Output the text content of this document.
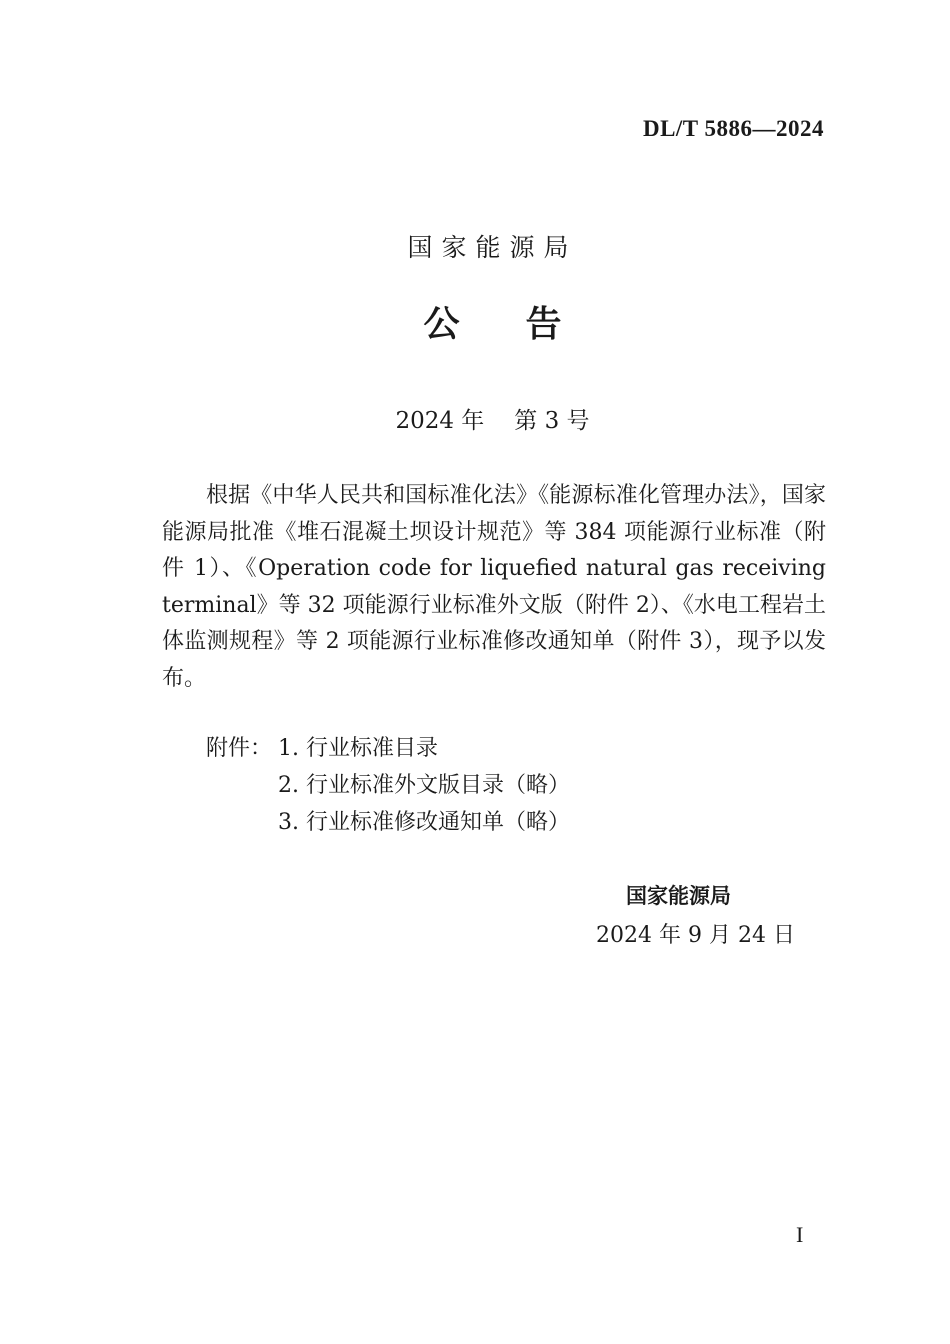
DL/T 5886—2024
国家能源局
公 告
2024 年 第 3 号

根据《中华人民共和国标准化法》《能源标准化管理办法》，国家能源局批准《堆石混凝土坝设计规范》等 384 项能源行业标准（附件 1）、《Operation code for liquefied natural gas receiving terminal》等 32 项能源行业标准外文版（附件 2）、《水电工程岩土体监测规程》等 2 项能源行业标准修改通知单（附件 3），现予以发布。

附件： 1. 行业标准目录
2. 行业标准外文版目录（略）
3. 行业标准修改通知单（略）
国家能源局
2024 年 9 月 24 日
I
